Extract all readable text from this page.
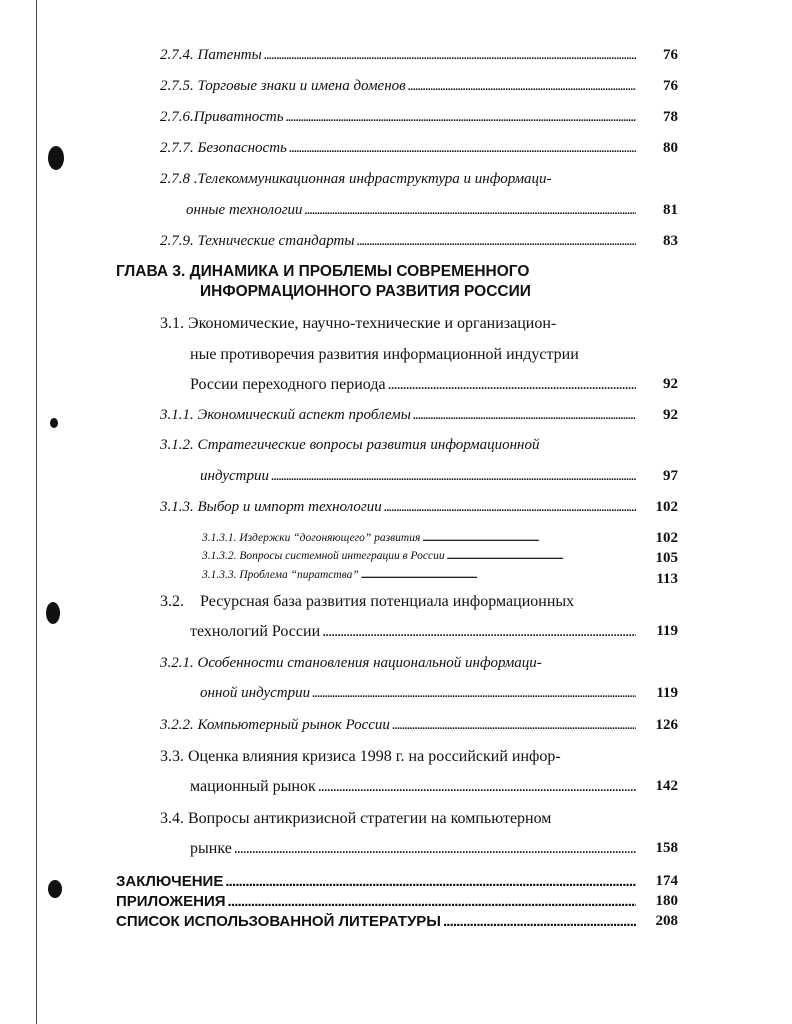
2.7.4. Патенты . . .	76
2.7.5. Торговые знаки и имена доменов . . .	76
2.7.6.Приватность . . .	78
2.7.7. Безопасность . . .	80
2.7.8 .Телекоммуникационная инфраструктура и информаци-
онные технологии . . .	81
2.7.9. Технические стандарты . . .	83
ГЛАВА 3. ДИНАМИКА И ПРОБЛЕМЫ СОВРЕМЕННОГО
ИНФОРМАЦИОННОГО РАЗВИТИЯ РОССИИ
3.1. Экономические, научно-технические и организацион-
ные противоречия развития информационной индустрии
России переходного периода . . .	92
3.1.1. Экономический аспект проблемы . . .	92
3.1.2. Стратегические вопросы развития информационной
индустрии . . .	97
3.1.3. Выбор и импорт технологии . . .	102
3.1.3.1. Издержки “догоняющего” развития . . .	102
3.1.3.2. Вопросы системной интеграции в России . . .	105
3.1.3.3. Проблема “пиратства” . . .	113
3.2.    Ресурсная база развития потенциала информационных
технологий России . . .	119
3.2.1. Особенности становления национальной информаци-
онной индустрии . . .	119
3.2.2. Компьютерный рынок России . . .	126
3.3. Оценка влияния кризиса 1998 г. на российский инфор-
мационный рынок . . .	142
3.4. Вопросы антикризисной стратегии на компьютерном
рынке . . .	158
ЗАКЛЮЧЕНИЕ . . .	174
ПРИЛОЖЕНИЯ . . .	180
СПИСОК ИСПОЛЬЗОВАННОЙ ЛИТЕРАТУРЫ . . .	208
